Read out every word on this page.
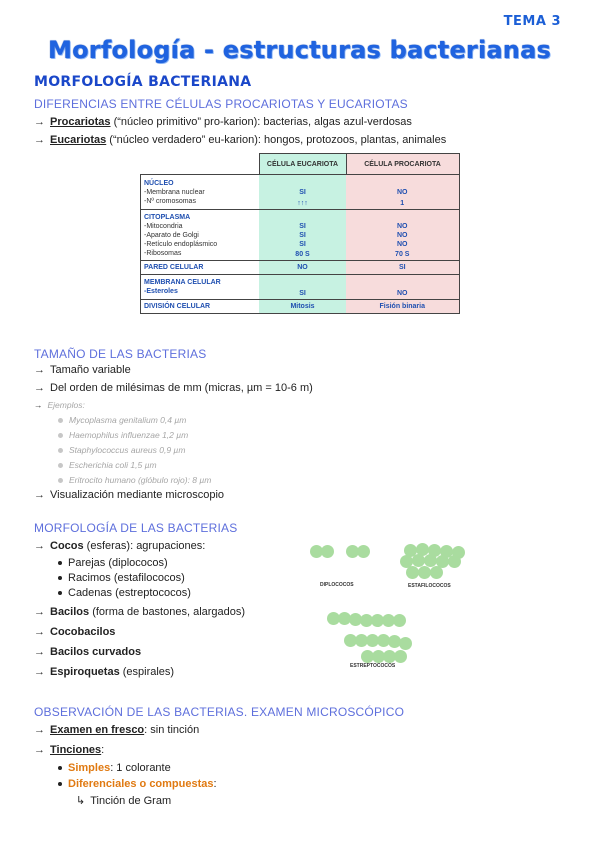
TEMA 3
Morfología - estructuras bacterianas
MORFOLOGÍA BACTERIANA
DIFERENCIAS ENTRE CÉLULAS PROCARIOTAS Y EUCARIOTAS
→ Procariotas (“núcleo primitivo” pro-karion): bacterias, algas azul-verdosas
→ Eucariotas (“núcleo verdadero” eu-karion): hongos, protozoos, plantas, animales
	CÉLULA EUCARIOTA	CÉLULA PROCARIOTA
NÚCLEO		
-Membrana nuclear	SI	NO
-Nº cromosomas	↑↑↑	1
CITOPLASMA		
-Mitocondria	SI	NO
-Aparato de Golgi	SI	NO
-Retículo endoplásmico	SI	NO
-Ribosomas	80 S	70 S
PARED CELULAR	NO	SI
MEMBRANA CELULAR		
-Esteroles	SI	NO
DIVISIÓN CELULAR	Mitosis	Fisión binaria
TAMAÑO DE LAS BACTERIAS
→ Tamaño variable
→ Del orden de milésimas de mm (micras, µm = 10-6 m)
→ Ejemplos:
Mycoplasma genitalium 0,4 µm
Haemophilus influenzae 1,2 µm
Staphylococcus aureus 0,9 µm
Escherichia coli 1,5 µm
Eritrocito humano (glóbulo rojo): 8 µm
→ Visualización mediante microscopio
MORFOLOGÍA DE LAS BACTERIAS
→ Cocos (esferas): agrupaciones:
Parejas (diplococos)
Racimos (estafilococos)
Cadenas (estreptococos)
→ Bacilos (forma de bastones, alargados)
→ Cocobacilos
→ Bacilos curvados
→ Espiroquetas (espirales)
DIPLOCOCOS	ESTAFILOCOCOS
ESTREPTOCOCOS
OBSERVACIÓN DE LAS BACTERIAS. EXAMEN MICROSCÓPICO
→ Examen en fresco: sin tinción
→ Tinciones:
Simples: 1 colorante
Diferenciales o compuestas:
↳ Tinción de Gram
